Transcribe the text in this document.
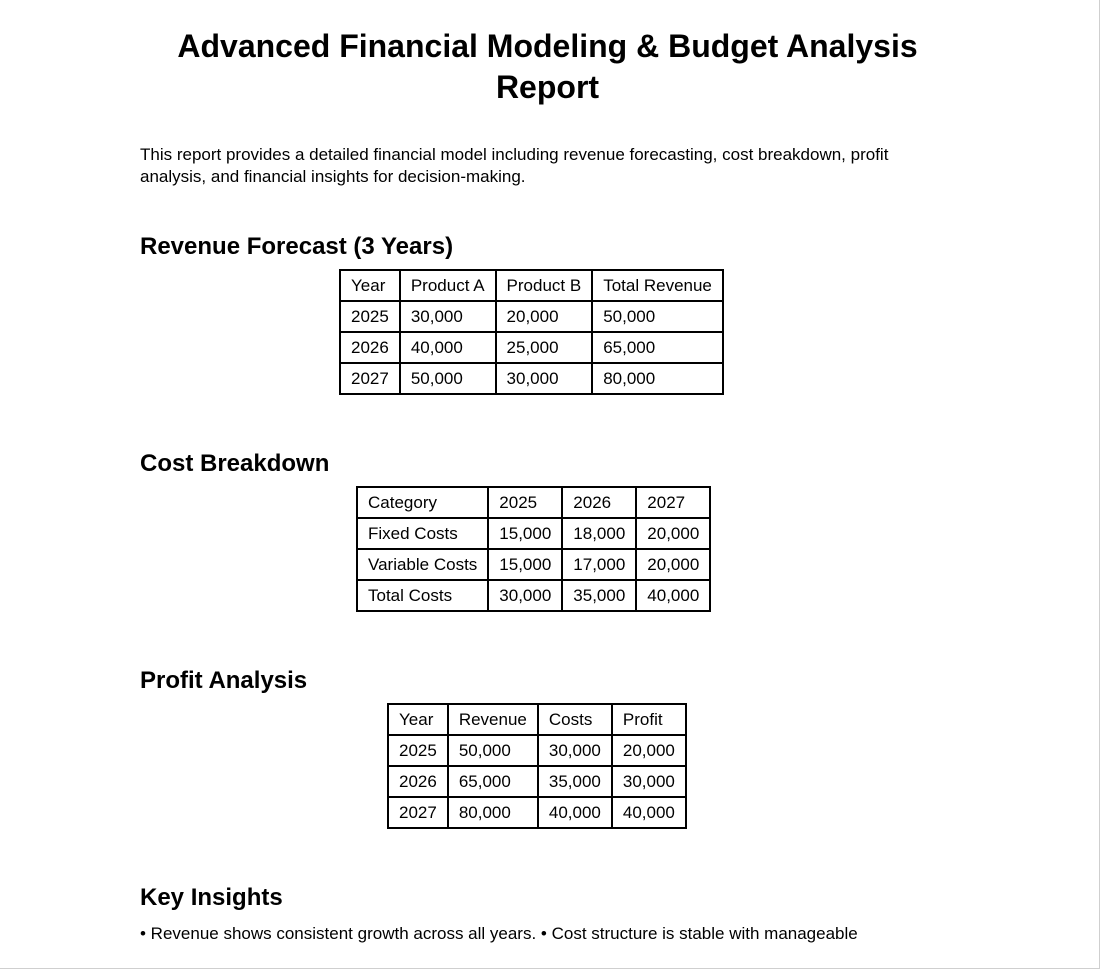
Advanced Financial Modeling & Budget Analysis Report

This report provides a detailed financial model including revenue forecasting, cost breakdown, profit analysis, and financial insights for decision-making.

Revenue Forecast (3 Years)
Year	Product A	Product B	Total Revenue
2025	30,000	20,000	50,000
2026	40,000	25,000	65,000
2027	50,000	30,000	80,000
Cost Breakdown
Category	2025	2026	2027
Fixed Costs	15,000	18,000	20,000
Variable Costs	15,000	17,000	20,000
Total Costs	30,000	35,000	40,000
Profit Analysis
Year	Revenue	Costs	Profit
2025	50,000	30,000	20,000
2026	65,000	35,000	30,000
2027	80,000	40,000	40,000
Key Insights

• Revenue shows consistent growth across all years. • Cost structure is stable with manageable
